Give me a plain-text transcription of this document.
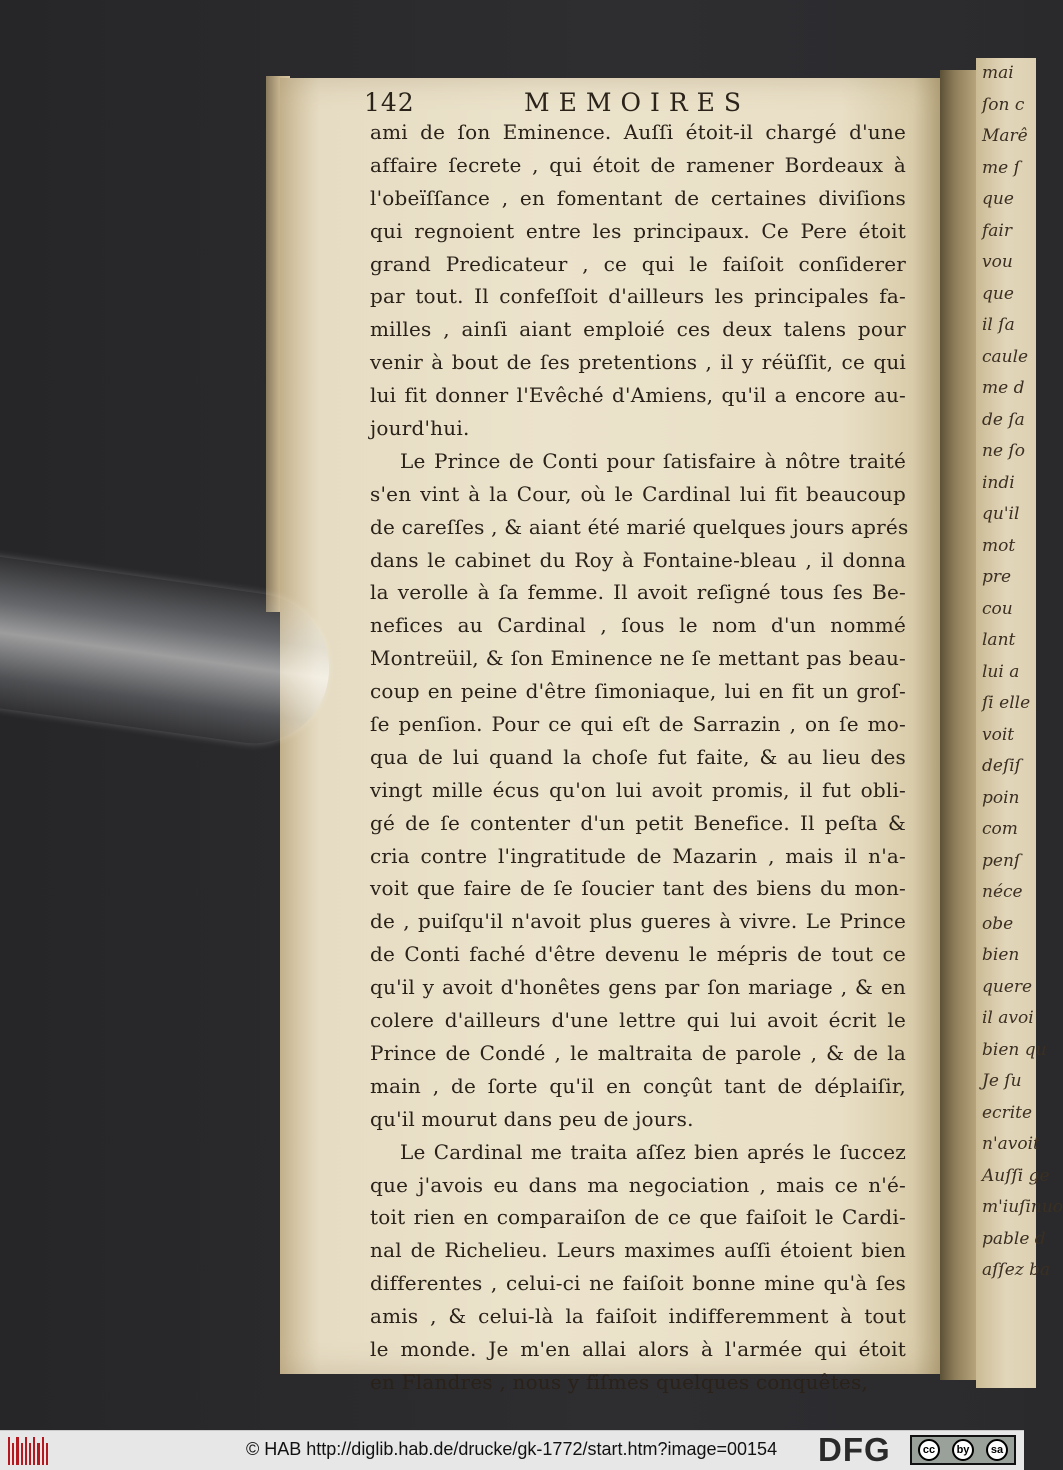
mai
ſon c
Marê
me ſ
que
fair
vou
que
il ſa
caule
me d
de ſa
ne ſo
indi
qu'il
mot
pre
cou
lant
lui a
ſi elle
voit
deſiſ
poin
com
penſ
néce
obe
bien
quere
il avoi
bien qu
Je ſu
ecrite
n'avoit
Auſſi ge
m'iuſinuo
pable d
aſſez ba
142	MEMOIRES
ami de ſon Eminence. Auſſi étoit-il chargé d'une
affaire ſecrete , qui étoit de ramener Bordeaux à
l'obeïſſance , en fomentant de certaines diviſions
qui regnoient entre les principaux. Ce Pere étoit
grand Predicateur , ce qui le faiſoit conſiderer
par tout. Il confeſſoit d'ailleurs les principales fa-
milles , ainſi aiant emploié ces deux talens pour
venir à bout de ſes pretentions , il y réüſſit, ce qui
lui fit donner l'Evêché d'Amiens, qu'il a encore au-
jourd'hui.
Le Prince de Conti pour ſatisfaire à nôtre traité
s'en vint à la Cour, où le Cardinal lui fit beaucoup
de careſſes , & aiant été marié quelques jours aprés
dans le cabinet du Roy à Fontaine-bleau , il donna
la verolle à ſa femme. Il avoit reſigné tous ſes Be-
nefices au Cardinal , ſous le nom d'un nommé
Montreüil, & ſon Eminence ne ſe mettant pas beau-
coup en peine d'être ſimoniaque, lui en fit un groſ-
ſe penſion. Pour ce qui eſt de Sarrazin , on ſe mo-
qua de lui quand la choſe fut faite, & au lieu des
vingt mille écus qu'on lui avoit promis, il fut obli-
gé de ſe contenter d'un petit Benefice. Il peſta &
cria contre l'ingratitude de Mazarin , mais il n'a-
voit que faire de ſe ſoucier tant des biens du mon-
de , puiſqu'il n'avoit plus gueres à vivre. Le Prince
de Conti faché d'être devenu le mépris de tout ce
qu'il y avoit d'honêtes gens par ſon mariage , & en
colere d'ailleurs d'une lettre qui lui avoit écrit le
Prince de Condé , le maltraita de parole , & de la
main , de ſorte qu'il en conçût tant de déplaiſir,
qu'il mourut dans peu de jours.
Le Cardinal me traita aſſez bien aprés le ſuccez
que j'avois eu dans ma negociation , mais ce n'é-
toit rien en comparaiſon de ce que faiſoit le Cardi-
nal de Richelieu. Leurs maximes auſſi étoient bien
differentes , celui-ci ne faiſoit bonne mine qu'à ſes
amis , & celui-là la faiſoit indifferemment à tout
le monde. Je m'en allai alors à l'armée qui étoit
en Flandres , nous y fiſmes quelques conquêtes,
© HAB http://diglib.hab.de/drucke/gk-1772/start.htm?image=00154 DFG	cc	by	sa
